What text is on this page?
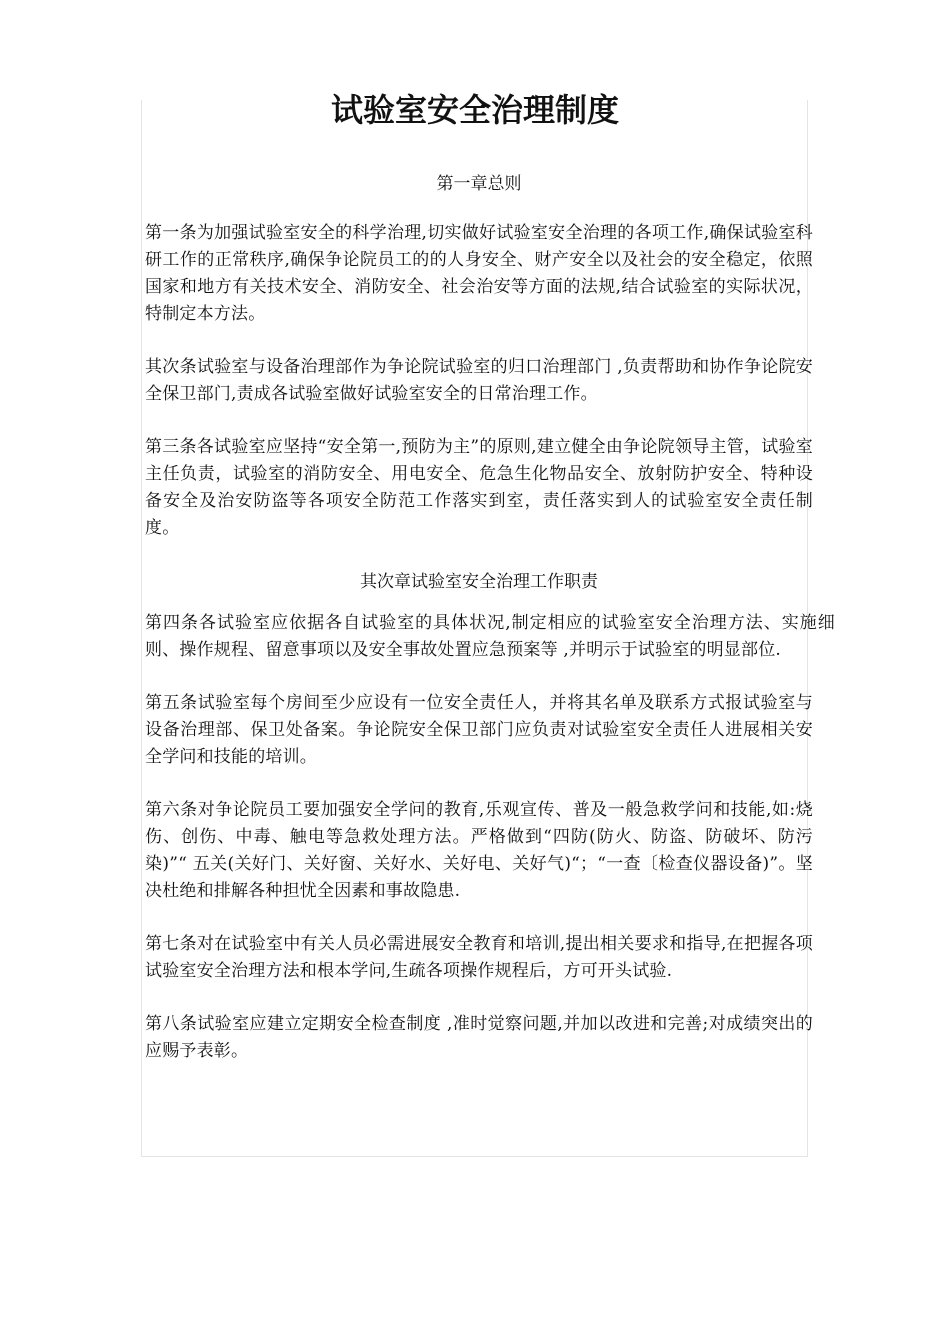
试验室安全治理制度

第一章总则

第一条为加强试验室安全的科学治理,切实做好试验室安全治理的各项工作,确保试验室科研工作的正常秩序,确保争论院员工的的人身安全、财产安全以及社会的安全稳定，依照国家和地方有关技术安全、消防安全、社会治安等方面的法规,结合试验室的实际状况，特制定本方法。

其次条试验室与设备治理部作为争论院试验室的归口治理部门 ,负责帮助和协作争论院安全保卫部门,责成各试验室做好试验室安全的日常治理工作。

第三条各试验室应坚持“安全第一,预防为主”的原则,建立健全由争论院领导主管，试验室主任负责，试验室的消防安全、用电安全、危急生化物品安全、放射防护安全、特种设备安全及治安防盗等各项安全防范工作落实到室，责任落实到人的试验室安全责任制度。

其次章试验室安全治理工作职责

第四条各试验室应依据各自试验室的具体状况,制定相应的试验室安全治理方法、实施细则、操作规程、留意事项以及安全事故处置应急预案等 ,并明示于试验室的明显部位.

第五条试验室每个房间至少应设有一位安全责任人，并将其名单及联系方式报试验室与设备治理部、保卫处备案。争论院安全保卫部门应负责对试验室安全责任人进展相关安全学问和技能的培训。

第六条对争论院员工要加强安全学问的教育,乐观宣传、普及一般急救学问和技能,如:烧伤、创伤、中毒、触电等急救处理方法。严格做到“四防(防火、防盗、防破坏、防污染)”“ 五关(关好门、关好窗、关好水、关好电、关好气)“；“一查〔检查仪器设备)”。坚决杜绝和排解各种担忧全因素和事故隐患.

第七条对在试验室中有关人员必需进展安全教育和培训,提出相关要求和指导,在把握各项试验室安全治理方法和根本学问,生疏各项操作规程后，方可开头试验.

第八条试验室应建立定期安全检查制度 ,准时觉察问题,并加以改进和完善;对成绩突出的应赐予表彰。
